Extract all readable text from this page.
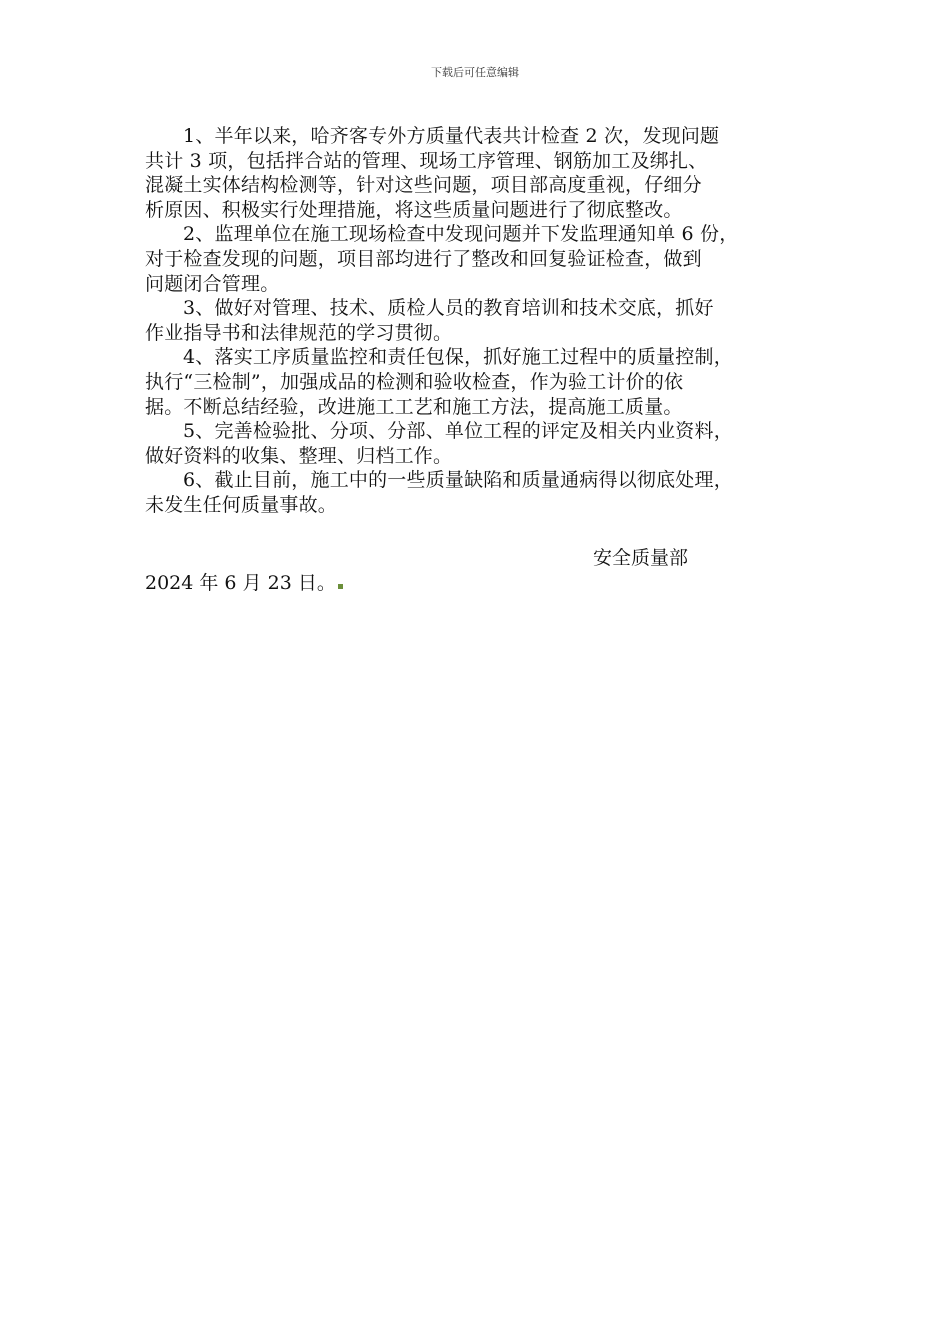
下载后可任意编辑

1、半年以来，哈齐客专外方质量代表共计检查 2 次，发现问题
共计 3 项，包括拌合站的管理、现场工序管理、钢筋加工及绑扎、
混凝土实体结构检测等，针对这些问题，项目部高度重视，仔细分
析原因、积极实行处理措施，将这些质量问题进行了彻底整改。

2、监理单位在施工现场检查中发现问题并下发监理通知单 6 份，
对于检查发现的问题，项目部均进行了整改和回复验证检查，做到
问题闭合管理。

3、做好对管理、技术、质检人员的教育培训和技术交底，抓好
作业指导书和法律规范的学习贯彻。

4、落实工序质量监控和责任包保，抓好施工过程中的质量控制，
执行“三检制”，加强成品的检测和验收检查，作为验工计价的依
据。不断总结经验，改进施工工艺和施工方法，提高施工质量。

5、完善检验批、分项、分部、单位工程的评定及相关内业资料，
做好资料的收集、整理、归档工作。

6、截止目前，施工中的一些质量缺陷和质量通病得以彻底处理，
未发生任何质量事故。

安全质量部
2024 年 6 月 23 日。
